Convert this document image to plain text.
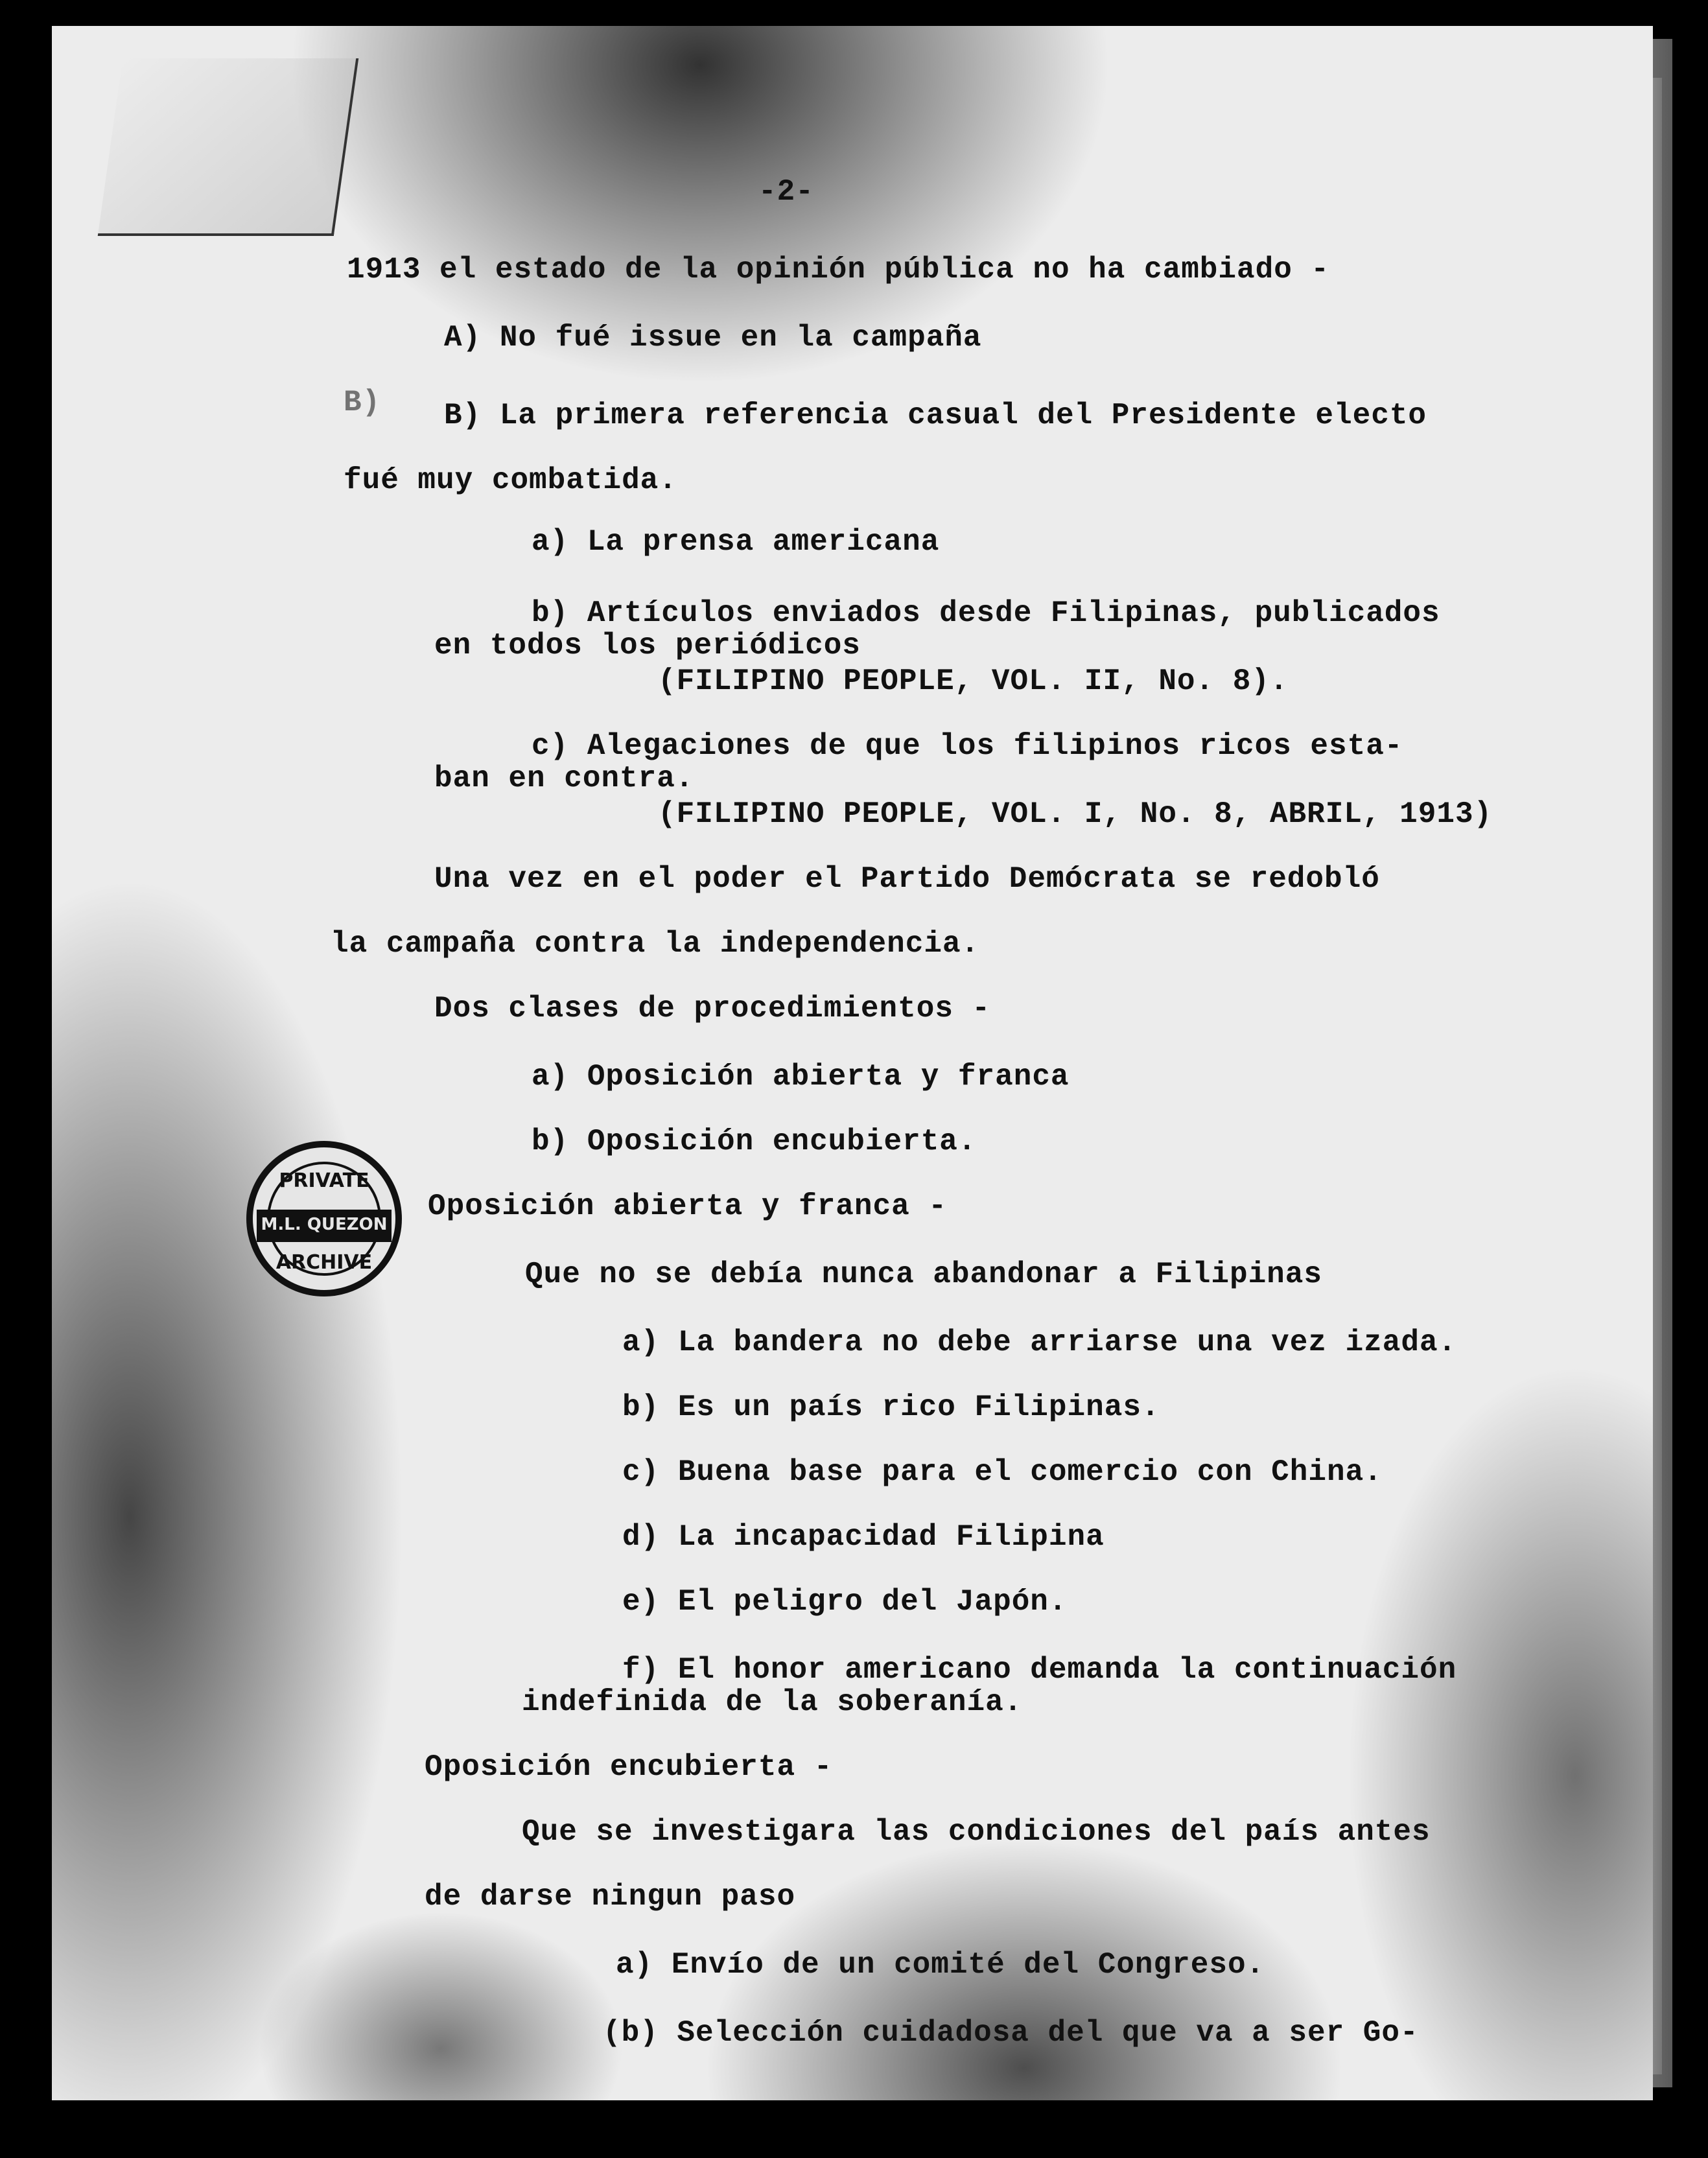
-2-
1913 el estado de la opinión pública no ha cambiado -
A) No fué issue en la campaña
B) B) La primera referencia casual del Presidente electo
fué muy combatida.
a) La prensa americana
b) Artículos enviados desde Filipinas, publicados
en todos los periódicos
(FILIPINO PEOPLE, VOL. II, No. 8).
c) Alegaciones de que los filipinos ricos esta-
ban en contra.
(FILIPINO PEOPLE, VOL. I, No. 8, ABRIL, 1913)
Una vez en el poder el Partido Demócrata se redobló
la campaña contra la independencia.
Dos clases de procedimientos -
a) Oposición abierta y franca
b) Oposición encubierta.
Oposición abierta y franca -
Que no se debía nunca abandonar a Filipinas
a) La bandera no debe arriarse una vez izada.
b) Es un país rico Filipinas.
c) Buena base para el comercio con China.
d) La incapacidad Filipina
e) El peligro del Japón.
f) El honor americano demanda la continuación
indefinida de la soberanía.
Oposición encubierta -
Que se investigara las condiciones del país antes
de darse ningun paso
a) Envío de un comité del Congreso.
(b) Selección cuidadosa del que va a ser Go-
PRIVATE
M.L. QUEZON
ARCHIVE
